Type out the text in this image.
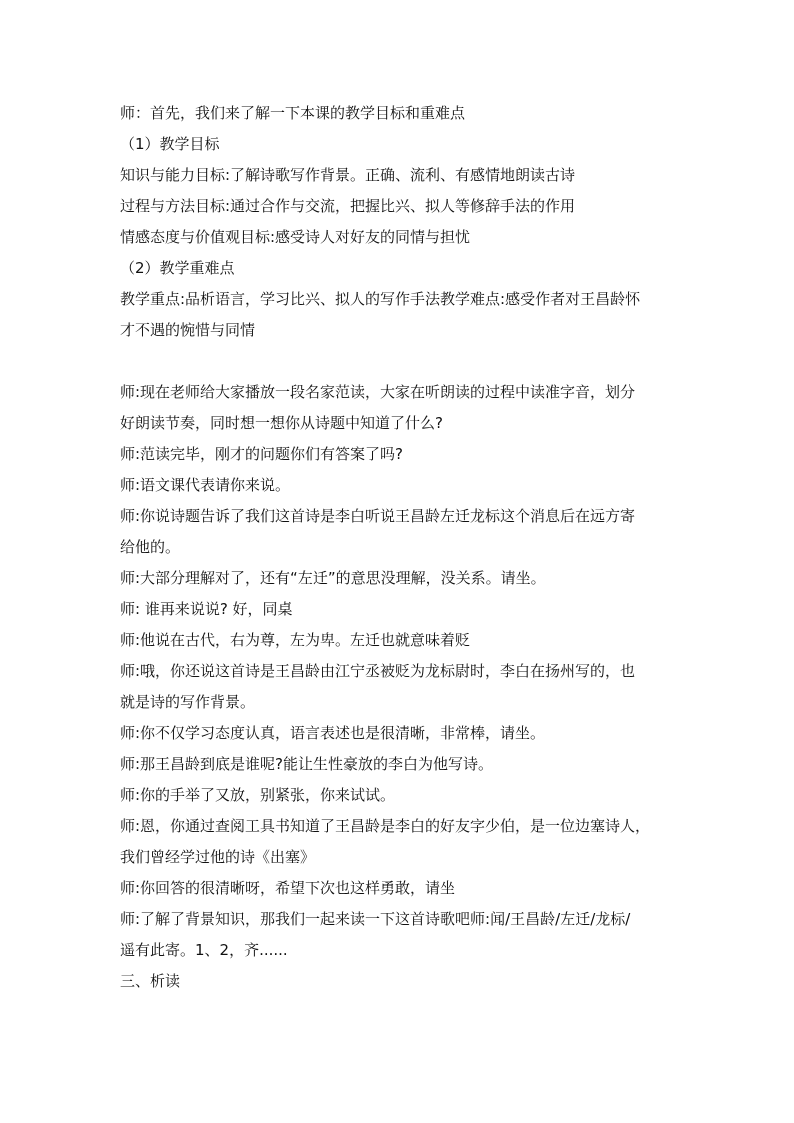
师：首先，我们来了解一下本课的教学目标和重难点

（1）教学目标

知识与能力目标:了解诗歌写作背景。正确、流利、有感情地朗读古诗

过程与方法目标:通过合作与交流，把握比兴、拟人等修辞手法的作用

情感态度与价值观目标:感受诗人对好友的同情与担忧

（2）教学重难点

教学重点:品析语言，学习比兴、拟人的写作手法教学难点:感受作者对王昌龄怀

才不遇的惋惜与同情

师:现在老师给大家播放一段名家范读，大家在听朗读的过程中读准字音，划分

好朗读节奏，同时想一想你从诗题中知道了什么?

师:范读完毕，刚才的问题你们有答案了吗?

师:语文课代表请你来说。

师:你说诗题告诉了我们这首诗是李白听说王昌龄左迁龙标这个消息后在远方寄

给他的。

师:大部分理解对了，还有“左迁”的意思没理解，没关系。请坐。

师: 谁再来说说? 好，同桌

师:他说在古代，右为尊，左为卑。左迁也就意味着贬

师:哦，你还说这首诗是王昌龄由江宁丞被贬为龙标尉时，李白在扬州写的，也

就是诗的写作背景。

师:你不仅学习态度认真，语言表述也是很清晰，非常棒，请坐。

师:那王昌龄到底是谁呢?能让生性豪放的李白为他写诗。

师:你的手举了又放，别紧张，你来试试。

师:恩，你通过查阅工具书知道了王昌龄是李白的好友字少伯，是一位边塞诗人，

我们曾经学过他的诗《出塞》

师:你回答的很清晰呀，希望下次也这样勇敢，请坐

师:了解了背景知识，那我们一起来读一下这首诗歌吧师:闻/王昌龄/左迁/龙标/

遥有此寄。1、2，齐......

三、析读
